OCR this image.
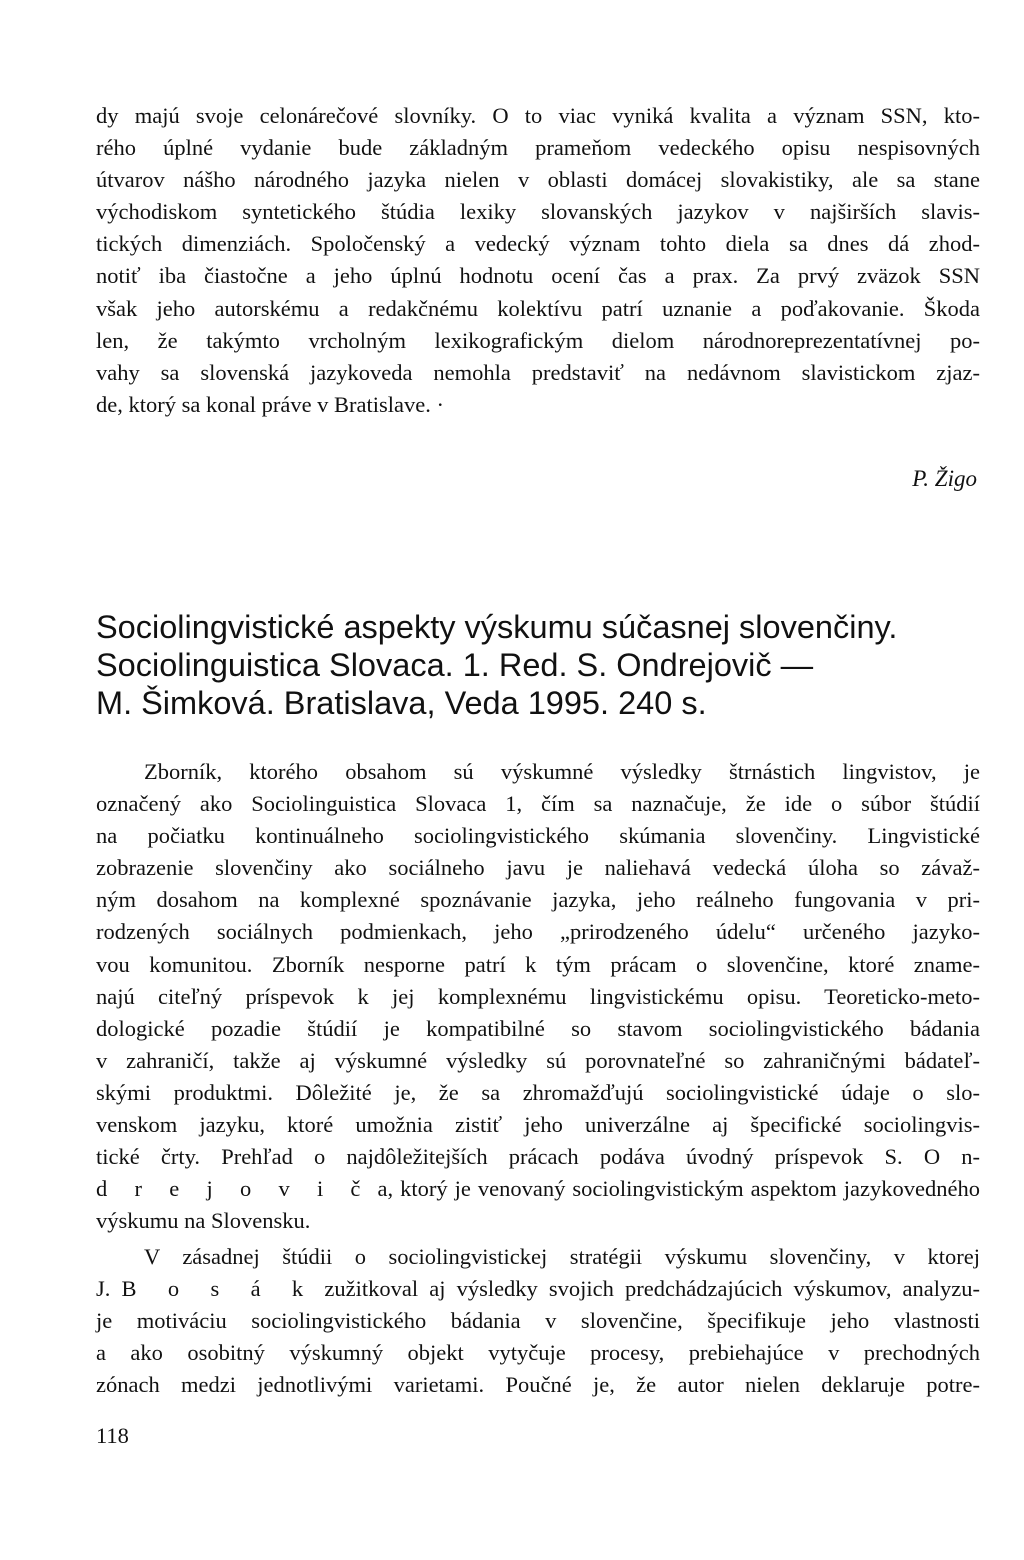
dy majú svoje celonárečové slovníky. O to viac vyniká kvalita a význam SSN, kto-
rého úplné vydanie bude základným prameňom vedeckého opisu nespisovných
útvarov nášho národného jazyka nielen v oblasti domácej slovakistiky, ale sa stane
východiskom syntetického štúdia lexiky slovanských jazykov v najširších slavis-
tických dimenziách. Spoločenský a vedecký význam tohto diela sa dnes dá zhod-
notiť iba čiastočne a jeho úplnú hodnotu ocení čas a prax. Za prvý zväzok SSN
však jeho autorskému a redakčnému kolektívu patrí uznanie a poďakovanie. Škoda
len, že takýmto vrcholným lexikografickým dielom národnoreprezentatívnej po-
vahy sa slovenská jazykoveda nemohla predstaviť na nedávnom slavistickom zjaz-
de, ktorý sa konal práve v Bratislave. ·
P. Žigo
Sociolingvistické aspekty výskumu súčasnej slovenčiny.
Sociolinguistica Slovaca. 1. Red. S. Ondrejovič —
M. Šimková. Bratislava, Veda 1995. 240 s.
Zborník, ktorého obsahom sú výskumné výsledky štrnástich lingvistov, je
označený ako Sociolinguistica Slovaca 1, čím sa naznačuje, že ide o súbor štúdií
na počiatku kontinuálneho sociolingvistického skúmania slovenčiny. Lingvistické
zobrazenie slovenčiny ako sociálneho javu je naliehavá vedecká úloha so závaž-
ným dosahom na komplexné spoznávanie jazyka, jeho reálneho fungovania v pri-
rodzených sociálnych podmienkach, jeho „prirodzeného údelu“ určeného jazyko-
vou komunitou. Zborník nesporne patrí k tým prácam o slovenčine, ktoré zname-
najú citeľný príspevok k jej komplexnému lingvistickému opisu. Teoreticko-meto-
dologické pozadie štúdií je kompatibilné so stavom sociolingvistického bádania
v zahraničí, takže aj výskumné výsledky sú porovnateľné so zahraničnými bádateľ-
skými produktmi. Dôležité je, že sa zhromažďujú sociolingvistické údaje o slo-
venskom jazyku, ktoré umožnia zistiť jeho univerzálne aj špecifické sociolingvis-
tické črty. Prehľad o najdôležitejších prácach podáva úvodný príspevok S. O n-
d r e j o v i č a, ktorý je venovaný sociolingvistickým aspektom jazykovedného
výskumu na Slovensku.
V zásadnej štúdii o sociolingvistickej stratégii výskumu slovenčiny, v ktorej
J. B o s á k zužitkoval aj výsledky svojich predchádzajúcich výskumov, analyzu-
je motiváciu sociolingvistického bádania v slovenčine, špecifikuje jeho vlastnosti
a ako osobitný výskumný objekt vytyčuje procesy, prebiehajúce v prechodných
zónach medzi jednotlivými varietami. Poučné je, že autor nielen deklaruje potre-
118
